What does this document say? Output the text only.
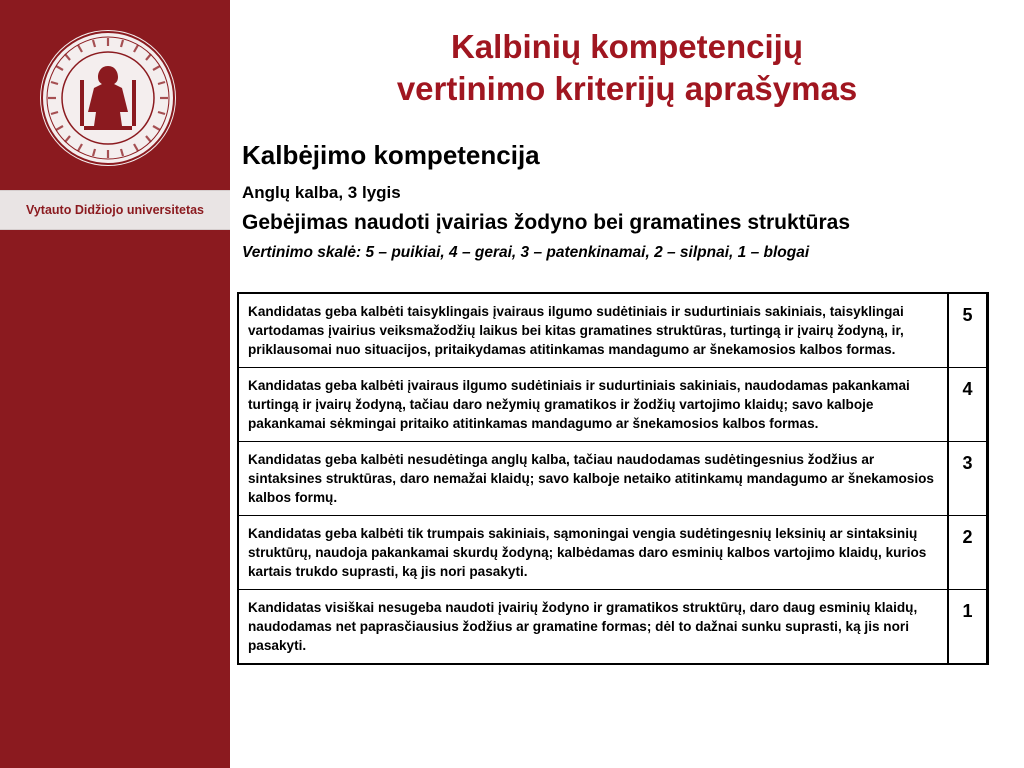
Vytauto Didžiojo universitetas
Kalbinių kompetencijų
vertinimo kriterijų aprašymas
Kalbėjimo kompetencija
Anglų kalba, 3 lygis
Gebėjimas naudoti įvairias žodyno bei gramatines struktūras
Vertinimo skalė: 5 – puikiai, 4 – gerai, 3 – patenkinamai, 2 – silpnai, 1 – blogai
Kandidatas geba kalbėti taisyklingais įvairaus ilgumo sudėtiniais ir sudurtiniais sakiniais, taisyklingai vartodamas įvairius veiksmažodžių laikus bei kitas gramatines struktūras, turtingą ir įvairų žodyną, ir, priklausomai nuo situacijos, pritaikydamas atitinkamas mandagumo ar šnekamosios kalbos formas.	5
Kandidatas geba kalbėti įvairaus ilgumo sudėtiniais ir sudurtiniais sakiniais, naudodamas pakankamai turtingą ir įvairų žodyną, tačiau daro nežymių gramatikos ir žodžių vartojimo klaidų; savo kalboje pakankamai sėkmingai pritaiko atitinkamas mandagumo ar šnekamosios kalbos formas.	4
Kandidatas geba kalbėti nesudėtinga anglų kalba, tačiau naudodamas sudėtingesnius žodžius ar sintaksines struktūras, daro nemažai klaidų; savo kalboje netaiko atitinkamų mandagumo ar šnekamosios kalbos formų.	3
Kandidatas geba kalbėti tik trumpais sakiniais, sąmoningai vengia sudėtingesnių leksinių ar sintaksinių struktūrų, naudoja pakankamai skurdų žodyną; kalbėdamas daro esminių kalbos vartojimo klaidų, kurios kartais trukdo suprasti, ką jis nori pasakyti.	2
Kandidatas visiškai nesugeba naudoti įvairių žodyno ir gramatikos struktūrų, daro daug esminių klaidų, naudodamas net paprasčiausius žodžius ar gramatine formas; dėl to dažnai sunku suprasti, ką jis nori pasakyti.	1
